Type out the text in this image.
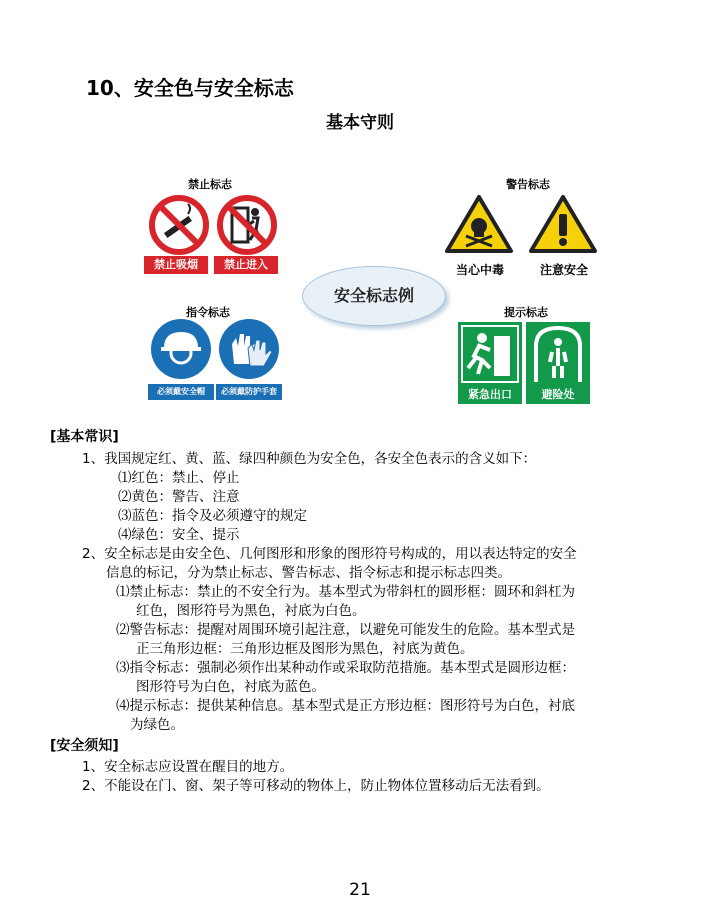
10、安全色与安全标志
基本守则
禁止标志
禁止吸烟	禁止进入
警告标志
当心中毒	注意安全
安全标志例
指令标志
必须戴安全帽	必须戴防护手套
提示标志
紧急出口	避险处
[基本常识]
1、我国规定红、黄、蓝、绿四种颜色为安全色，各安全色表示的含义如下：
⑴红色：禁止、停止
⑵黄色：警告、注意
⑶蓝色：指令及必须遵守的规定
⑷绿色：安全、提示
2、安全标志是由安全色、几何图形和形象的图形符号构成的，用以表达特定的安全
信息的标记，分为禁止标志、警告标志、指令标志和提示标志四类。
⑴禁止标志：禁止的不安全行为。基本型式为带斜杠的圆形框：圆环和斜杠为
红色，图形符号为黑色，衬底为白色。
⑵警告标志：提醒对周围环境引起注意，以避免可能发生的危险。基本型式是
正三角形边框：三角形边框及图形为黑色，衬底为黄色。
⑶指令标志：强制必须作出某种动作或采取防范措施。基本型式是圆形边框：
图形符号为白色，衬底为蓝色。
⑷提示标志：提供某种信息。基本型式是正方形边框：图形符号为白色，衬底
为绿色。
[安全须知]
1、安全标志应设置在醒目的地方。
2、不能设在门、窗、架子等可移动的物体上，防止物体位置移动后无法看到。
21
